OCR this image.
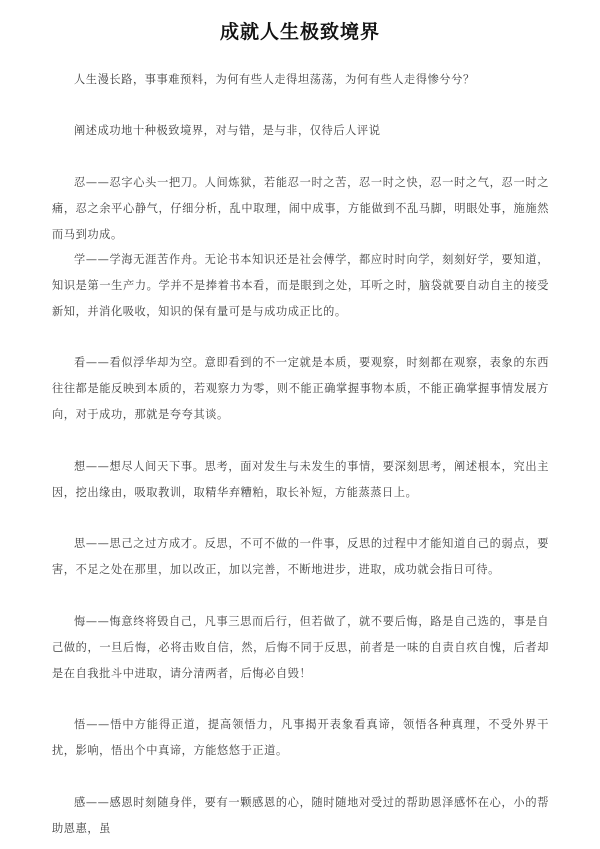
成就人生极致境界

人生漫长路，事事难预料，为何有些人走得坦荡荡，为何有些人走得惨兮兮？

阐述成功地十种极致境界，对与错，是与非，仅待后人评说

忍——忍字心头一把刀。人间炼狱，若能忍一时之苦，忍一时之快，忍一时之气，忍一时之痛，忍之余平心静气，仔细分析，乱中取理，闹中成事，方能做到不乱马脚，明眼处事，施施然而马到功成。

学——学海无涯苦作舟。无论书本知识还是社会傅学，都应时时向学，刻刻好学，要知道，知识是第一生产力。学并不是捧着书本看，而是眼到之处，耳听之时，脑袋就要自动自主的接受新知，并消化吸收，知识的保有量可是与成功成正比的。

看——看似浮华却为空。意即看到的不一定就是本质，要观察，时刻都在观察，表象的东西往往都是能反映到本质的，若观察力为零，则不能正确掌握事物本质，不能正确掌握事情发展方向，对于成功，那就是夸夸其谈。

想——想尽人间天下事。思考，面对发生与未发生的事情，要深刻思考，阐述根本，究出主因，挖出缘由，吸取教训，取精华弃糟粕，取长补短，方能蒸蒸日上。

思——思己之过方成才。反思，不可不做的一件事，反思的过程中才能知道自己的弱点，要害，不足之处在那里，加以改正，加以完善，不断地进步，进取，成功就会指日可待。

悔——悔意终将毁自己，凡事三思而后行，但若做了，就不要后悔，路是自己选的，事是自己做的，一旦后悔，必将击败自信，然，后悔不同于反思，前者是一味的自责自疚自愧，后者却是在自我批斗中进取，请分清两者，后悔必自毁！

悟——悟中方能得正道，提高领悟力，凡事揭开表象看真谛，领悟各种真理，不受外界干扰，影响，悟出个中真谛，方能悠悠于正道。

感——感恩时刻随身伴，要有一颗感恩的心，随时随地对受过的帮助恩泽感怀在心，小的帮助恩惠，虽
